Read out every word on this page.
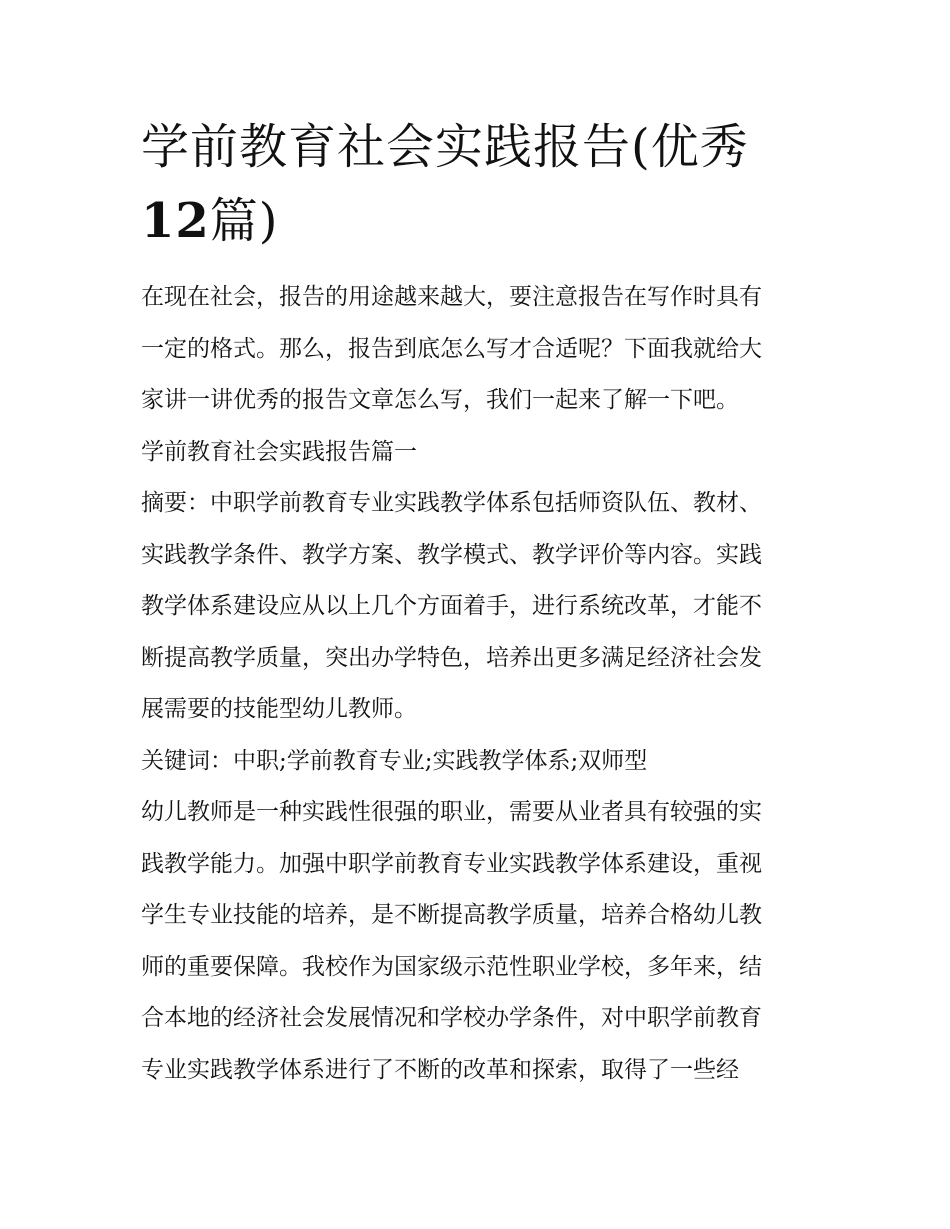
学前教育社会实践报告(优秀
12篇)

在现在社会，报告的用途越来越大，要注意报告在写作时具有

一定的格式。那么，报告到底怎么写才合适呢？下面我就给大

家讲一讲优秀的报告文章怎么写，我们一起来了解一下吧。

学前教育社会实践报告篇一

摘要：中职学前教育专业实践教学体系包括师资队伍、教材、

实践教学条件、教学方案、教学模式、教学评价等内容。实践

教学体系建设应从以上几个方面着手，进行系统改革，才能不

断提高教学质量，突出办学特色，培养出更多满足经济社会发

展需要的技能型幼儿教师。

关键词：中职;学前教育专业;实践教学体系;双师型

幼儿教师是一种实践性很强的职业，需要从业者具有较强的实

践教学能力。加强中职学前教育专业实践教学体系建设，重视

学生专业技能的培养，是不断提高教学质量，培养合格幼儿教

师的重要保障。我校作为国家级示范性职业学校，多年来，结

合本地的经济社会发展情况和学校办学条件，对中职学前教育

专业实践教学体系进行了不断的改革和探索，取得了一些经
